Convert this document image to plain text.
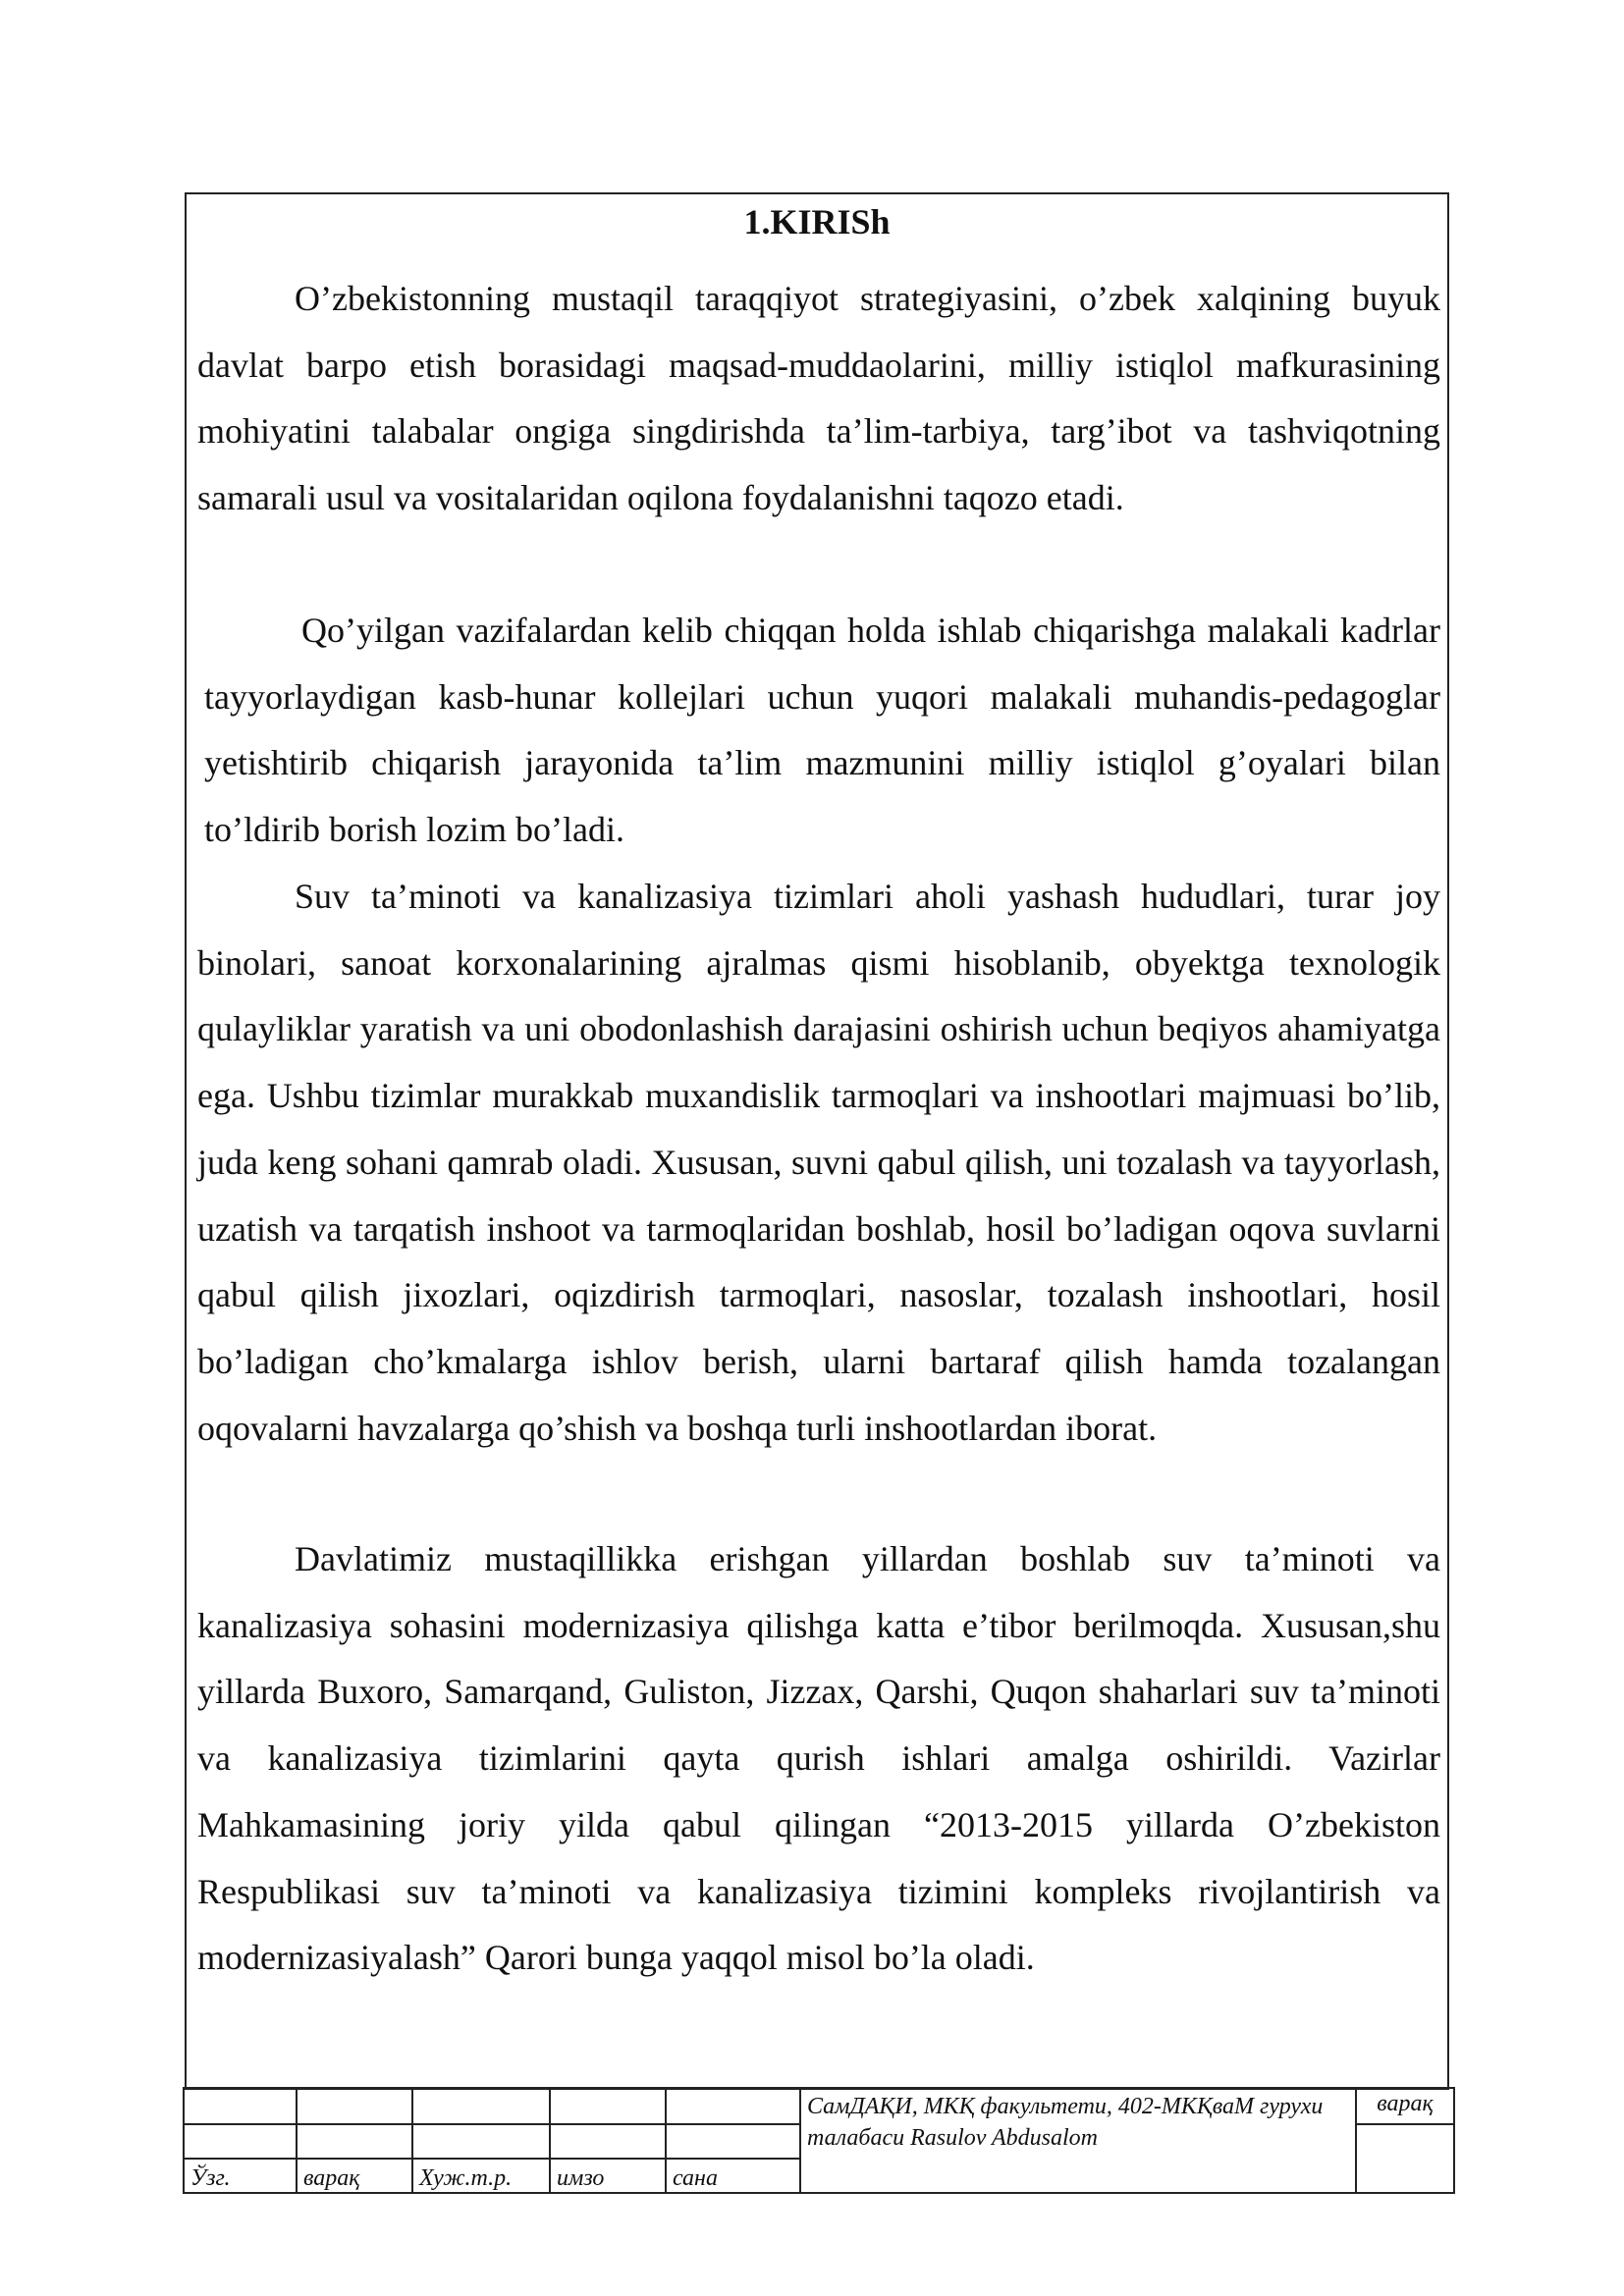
1.KIRISh

O’zbekistonning mustaqil taraqqiyot strategiyasini, o’zbek xalqining buyuk davlat barpo etish borasidagi maqsad-muddaolarini, milliy istiqlol mafkurasining mohiyatini talabalar ongiga singdirishda ta’lim-tarbiya, targ’ibot va tashviqotning samarali usul va vositalaridan oqilona foydalanishni taqozo etadi.

Qo’yilgan vazifalardan kelib chiqqan holda ishlab chiqarishga malakali kadrlar tayyorlaydigan kasb-hunar kollejlari uchun yuqori malakali muhandis-pedagoglar yetishtirib chiqarish jarayonida ta’lim mazmunini milliy istiqlol g’oyalari bilan to’ldirib borish lozim bo’ladi.

Suv ta’minoti va kanalizasiya tizimlari aholi yashash hududlari, turar joy binolari, sanoat korxonalarining ajralmas qismi hisoblanib, obyektga texnologik qulayliklar yaratish va uni obodonlashish darajasini oshirish uchun beqiyos ahamiyatga ega. Ushbu tizimlar murakkab muxandislik tarmoqlari va inshootlari majmuasi bo’lib, juda keng sohani qamrab oladi. Xususan, suvni qabul qilish, uni tozalash va tayyorlash, uzatish va tarqatish inshoot va tarmoqlaridan boshlab, hosil bo’ladigan oqova suvlarni qabul qilish jixozlari, oqizdirish tarmoqlari, nasoslar, tozalash inshootlari, hosil bo’ladigan cho’kmalarga ishlov berish, ularni bartaraf qilish hamda tozalangan oqovalarni havzalarga qo’shish va boshqa turli inshootlardan iborat.

Davlatimiz mustaqillikka erishgan yillardan boshlab suv ta’minoti va kanalizasiya sohasini modernizasiya qilishga katta e’tibor berilmoqda. Xususan,shu yillarda Buxoro, Samarqand, Guliston, Jizzax, Qarshi, Quqon shaharlari suv ta’minoti va kanalizasiya tizimlarini qayta qurish ishlari amalga oshirildi. Vazirlar Mahkamasining joriy yilda qabul qilingan “2013-2015 yillarda O’zbekiston Respublikasi suv ta’minoti va kanalizasiya tizimini kompleks rivojlantirish va modernizasiyalash” Qarori bunga yaqqol misol bo’la oladi.

					СамДАҚИ, МКҚ факультети, 402-МКҚваМ гурухи талабаси Rasulov Abdusalom	варақ

Ўзг.	варақ	Хуж.т.р.	имзо	сана		
